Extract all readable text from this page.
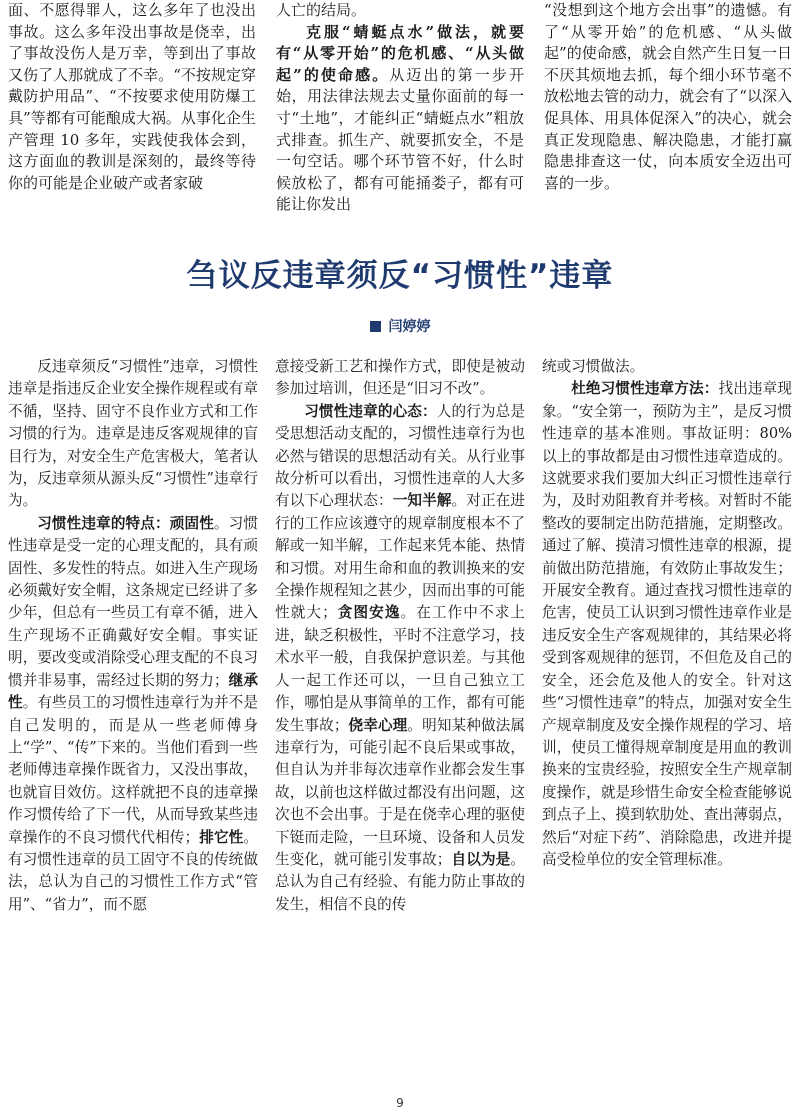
面、不愿得罪人，这么多年了也没出事故。这么多年没出事故是侥幸，出了事故没伤人是万幸，等到出了事故又伤了人那就成了不幸。“不按规定穿戴防护用品”、“不按要求使用防爆工具”等都有可能酿成大祸。从事化企生产管理 10 多年，实践使我体会到，这方面血的教训是深刻的，最终等待你的可能是企业破产或者家破

人亡的结局。

克服“蜻蜓点水”做法，就要有“从零开始”的危机感、“从头做起”的使命感。从迈出的第一步开始，用法律法规去丈量你面前的每一寸“土地”，才能纠正“蜻蜓点水”粗放式排查。抓生产、就要抓安全，不是一句空话。哪个环节管不好，什么时候放松了，都有可能捅娄子，都有可能让你发出

“没想到这个地方会出事”的遗憾。有了“从零开始”的危机感、“从头做起”的使命感，就会自然产生日复一日不厌其烦地去抓，每个细小环节毫不放松地去管的动力，就会有了“以深入促具体、用具体促深入”的决心，就会真正发现隐患、解决隐患，才能打赢隐患排查这一仗，向本质安全迈出可喜的一步。

刍议反违章须反“习惯性”违章
闫婷婷

反违章须反“习惯性”违章，习惯性违章是指违反企业安全操作规程或有章不循，坚持、固守不良作业方式和工作习惯的行为。违章是违反客观规律的盲目行为，对安全生产危害极大，笔者认为，反违章须从源头反“习惯性”违章行为。

习惯性违章的特点：顽固性。习惯性违章是受一定的心理支配的，具有顽固性、多发性的特点。如进入生产现场必须戴好安全帽，这条规定已经讲了多少年，但总有一些员工有章不循，进入生产现场不正确戴好安全帽。事实证明，要改变或消除受心理支配的不良习惯并非易事，需经过长期的努力；继承性。有些员工的习惯性违章行为并不是自己发明的，而是从一些老师傅身上“学”、“传”下来的。当他们看到一些老师傅违章操作既省力，又没出事故，也就盲目效仿。这样就把不良的违章操作习惯传给了下一代，从而导致某些违章操作的不良习惯代代相传；排它性。有习惯性违章的员工固守不良的传统做法，总认为自己的习惯性工作方式“管用”、“省力”，而不愿

意接受新工艺和操作方式，即使是被动参加过培训，但还是“旧习不改”。

习惯性违章的心态：人的行为总是受思想活动支配的，习惯性违章行为也必然与错误的思想活动有关。从行业事故分析可以看出，习惯性违章的人大多有以下心理状态：一知半解。对正在进行的工作应该遵守的规章制度根本不了解或一知半解，工作起来凭本能、热情和习惯。对用生命和血的教训换来的安全操作规程知之甚少，因而出事的可能性就大；贪图安逸。在工作中不求上进，缺乏积极性，平时不注意学习，技术水平一般，自我保护意识差。与其他人一起工作还可以，一旦自己独立工作，哪怕是从事简单的工作，都有可能发生事故；侥幸心理。明知某种做法属违章行为，可能引起不良后果或事故，但自认为并非每次违章作业都会发生事故，以前也这样做过都没有出问题，这次也不会出事。于是在侥幸心理的驱使下铤而走险，一旦环境、设备和人员发生变化，就可能引发事故；自以为是。总认为自己有经验、有能力防止事故的发生，相信不良的传

统或习惯做法。

杜绝习惯性违章方法：找出违章现象。“安全第一，预防为主”，是反习惯性违章的基本准则。事故证明：80%以上的事故都是由习惯性违章造成的。这就要求我们要加大纠正习惯性违章行为，及时劝阻教育并考核。对暂时不能整改的要制定出防范措施，定期整改。通过了解、摸清习惯性违章的根源，提前做出防范措施，有效防止事故发生；开展安全教育。通过查找习惯性违章的危害，使员工认识到习惯性违章作业是违反安全生产客观规律的，其结果必将受到客观规律的惩罚，不但危及自己的安全，还会危及他人的安全。针对这些“习惯性违章”的特点，加强对安全生产规章制度及安全操作规程的学习、培训，使员工懂得规章制度是用血的教训换来的宝贵经验，按照安全生产规章制度操作，就是珍惜生命安全检查能够说到点子上、摸到软肋处、查出薄弱点，然后“对症下药”、消除隐患，改进并提高受检单位的安全管理标准。

9
